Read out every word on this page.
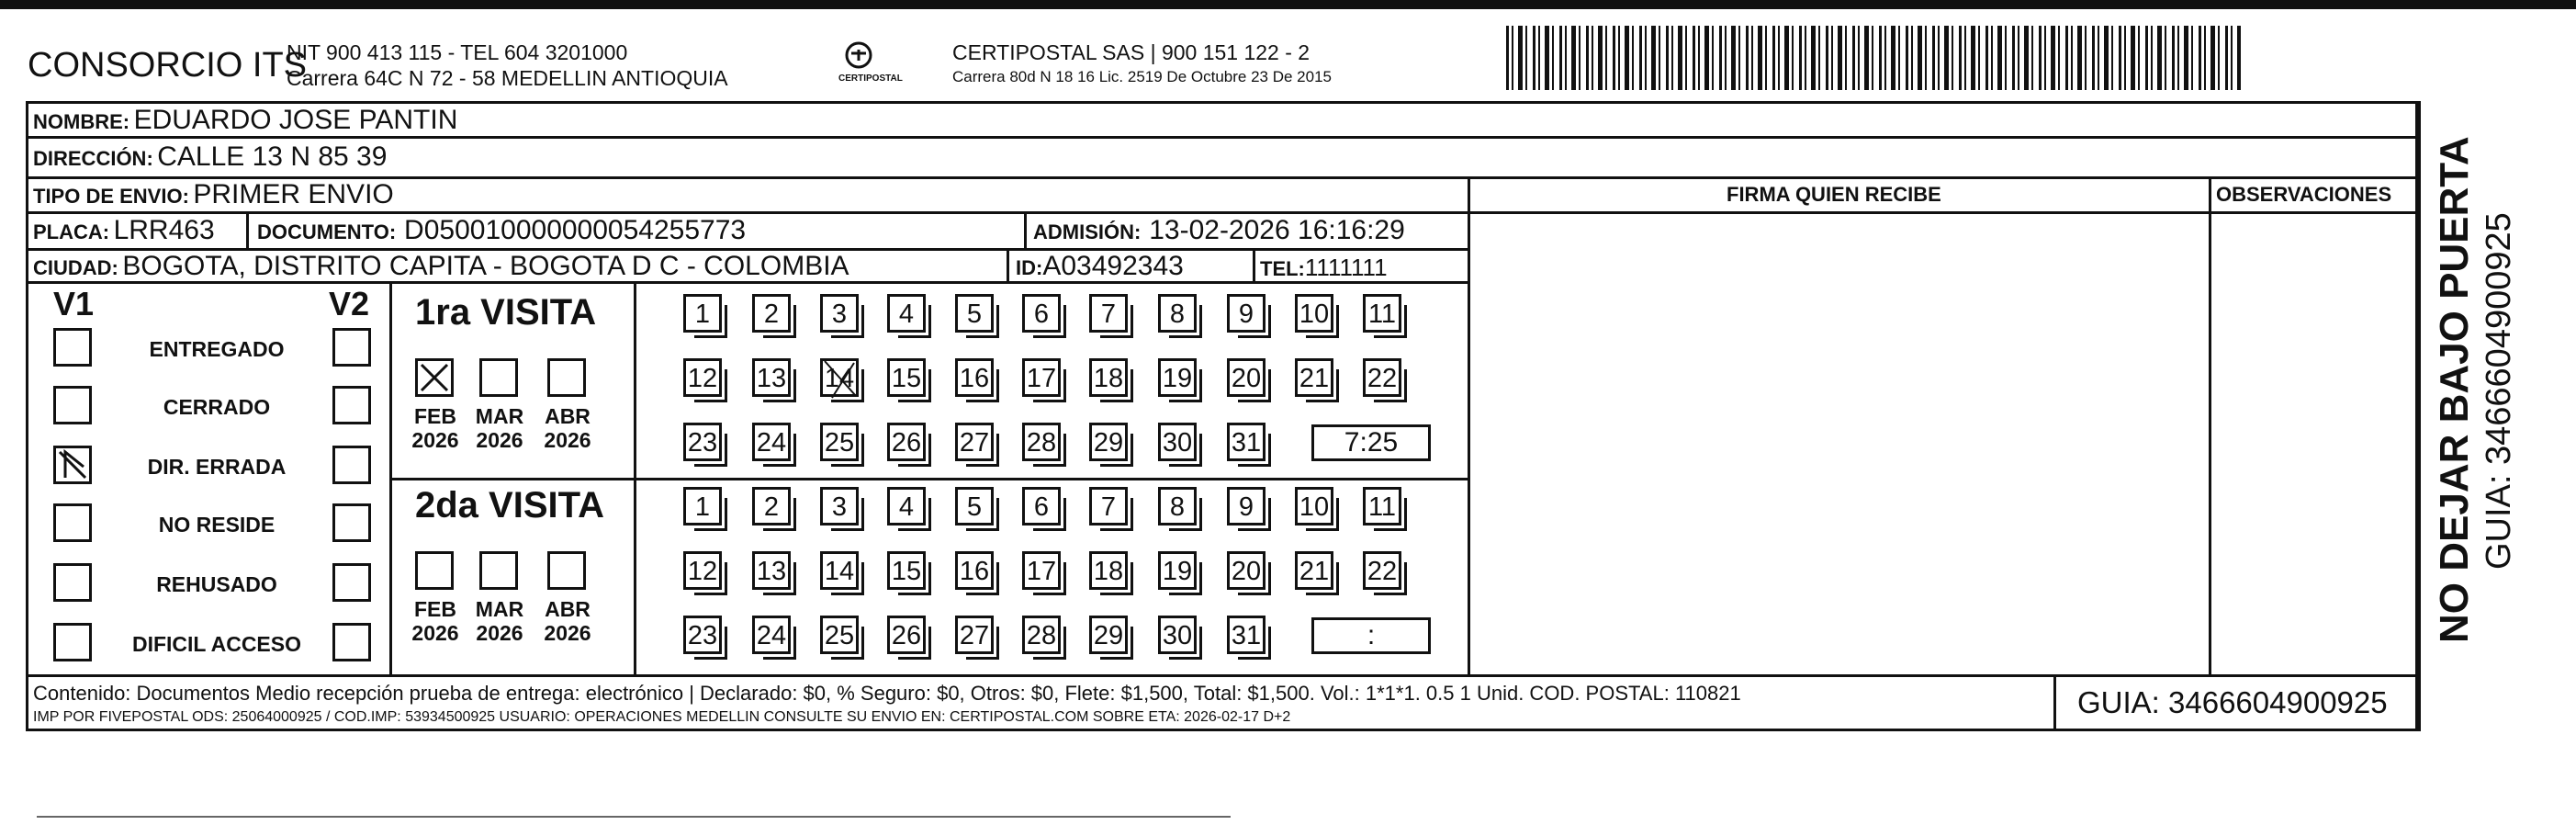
CONSORCIO ITS
NIT 900 413 115 - TEL 604 3201000
Carrera 64C N 72 - 58 MEDELLIN ANTIOQUIA	CERTIPOSTAL
CERTIPOSTAL SAS | 900 151 122 - 2
Carrera 80d N 18 16 Lic. 2519 De Octubre 23 De 2015
NOMBRE: EDUARDO JOSE PANTIN
DIRECCIÓN: CALLE 13 N 85 39
TIPO DE ENVIO: PRIMER ENVIO
PLACA: LRR463 DOCUMENTO: D050010000000054255773	ADMISIÓN: 13-02-2026 16:16:29
CIUDAD: BOGOTA, DISTRITO CAPITA - BOGOTA D C - COLOMBIA	ID:A03492343	TEL:1111111
FIRMA QUIEN RECIBE	OBSERVACIONES
V1	V2
ENTREGADO
CERRADO
DIR. ERRADA
NO RESIDE
REHUSADO
DIFICIL ACCESO
1ra VISITA
2da VISITA
FEB
2026
MAR
2026
ABR
2026
1	2	3	4	5	6	7	8	9	10 11
12 13 14 15 16 17 18 19 20 21 22
23 24 25 26 27 28 29 30 31	7:25
FEB
2026
MAR
2026
ABR
2026
1	2	3	4	5	6	7	8	9	10 11
12 13 14 15 16 17 18 19 20 21 22
23 24 25 26 27 28 29 30 31	:
Contenido: Documentos Medio recepción prueba de entrega: electrónico | Declarado: $0, % Seguro: $0, Otros: $0, Flete: $1,500, Total: $1,500. Vol.: 1*1*1. 0.5 1 Unid. COD. POSTAL: 110821
IMP POR FIVEPOSTAL ODS: 25064000925 / COD.IMP: 53934500925 USUARIO: OPERACIONES MEDELLIN CONSULTE SU ENVIO EN: CERTIPOSTAL.COM SOBRE ETA: 2026-02-17 D+2	GUIA: 3466604900925
NO DEJAR BAJO PUERTA GUIA: 3466604900925
